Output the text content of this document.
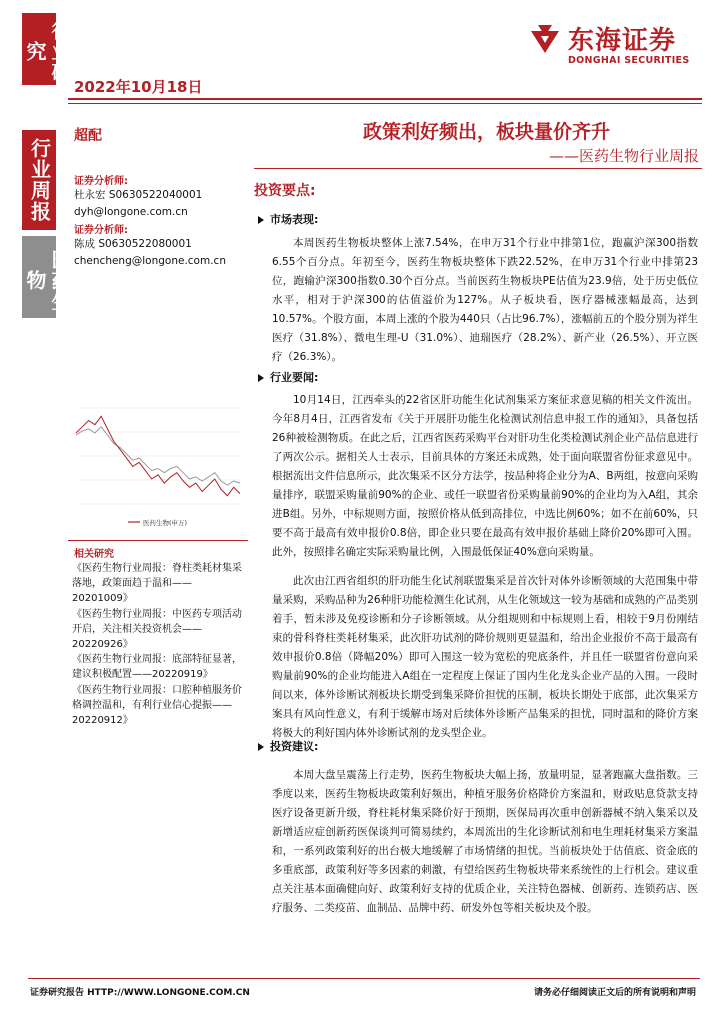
行业研究
行业周报
医药生物
东海证券
DONGHAI SECURITIES
2022年10月18日
超配	政策利好频出，板块量价齐升
——医药生物行业周报
证券分析师:
杜永宏 S0630522040001
dyh@longone.com.cn
证券分析师:
陈成 S0630522080001
chencheng@longone.com.cn
医药生物(申万)
相关研究

《医药生物行业周报：脊柱类耗材集采落地，政策面趋于温和——20201009》

《医药生物行业周报：中医药专项活动开启，关注相关投资机会——20220926》

《医药生物行业周报：底部特征显著，建议积极配置——20220919》

《医药生物行业周报：口腔种植服务价格调控温和，有利行业信心提振——20220912》

投资要点:
市场表现:
本周医药生物板块整体上涨7.54%，在申万31个行业中排第1位，跑赢沪深300指数6.55个百分点。年初至今，医药生物板块整体下跌22.52%，在申万31个行业中排第23位，跑输沪深300指数0.30个百分点。当前医药生物板块PE估值为23.9倍，处于历史低位水平，相对于沪深300的估值溢价为127%。从子板块看，医疗器械涨幅最高，达到10.57%。个股方面，本周上涨的个股为440只（占比96.7%），涨幅前五的个股分别为祥生医疗（31.8%）、微电生理-U（31.0%）、迪瑞医疗（28.2%）、新产业（26.5%）、开立医疗（26.3%）。
行业要闻:
10月14日，江西牵头的22省区肝功能生化试剂集采方案征求意见稿的相关文件流出。今年8月4日，江西省发布《关于开展肝功能生化检测试剂信息申报工作的通知》，具备包括26种被检测物质。在此之后，江西省医药采购平台对肝功生化类检测试剂企业产品信息进行了两次公示。据相关人士表示，目前具体的方案还未成熟，处于面向联盟省份征求意见中。根据流出文件信息所示，此次集采不区分方法学，按品种将企业分为A、B两组，按意向采购量排序，联盟采购量前90%的企业、或任一联盟省份采购量前90%的企业均为入A组，其余进B组。另外，中标规则方面，按照价格从低到高排位，中选比例60%；如不在前60%，只要不高于最高有效申报价0.8倍，即企业只要在最高有效申报价基础上降价20%即可入围。此外，按照排名确定实际采购量比例，入围最低保证40%意向采购量。
此次由江西省组织的肝功能生化试剂联盟集采是首次针对体外诊断领域的大范围集中带量采购，采购品种为26种肝功能检测生化试剂，从生化领域这一较为基础和成熟的产品类别着手，暂未涉及免疫诊断和分子诊断领域。从分组规则和中标规则上看，相较于9月份刚结束的骨科脊柱类耗材集采，此次肝功试剂的降价规则更显温和，给出企业报价不高于最高有效申报价0.8倍（降幅20%）即可入围这一较为宽松的兜底条件，并且任一联盟省份意向采购量前90%的企业均能进入A组在一定程度上保证了国内生化龙头企业产品的入围。一段时间以来，体外诊断试剂板块长期受到集采降价担忧的压制，板块长期处于底部，此次集采方案具有风向性意义，有利于缓解市场对后续体外诊断产品集采的担忧，同时温和的降价方案将极大的利好国内体外诊断试剂的龙头型企业。
投资建议:
本周大盘呈震荡上行走势，医药生物板块大幅上扬，放量明显，显著跑赢大盘指数。三季度以来，医药生物板块政策利好频出，种植牙服务价格降价方案温和，财政贴息贷款支持医疗设备更新升级，脊柱耗材集采降价好于预期，医保局再次重申创新器械不纳入集采以及新增适应症创新药医保谈判可简易续约，本周流出的生化诊断试剂和电生理耗材集采方案温和，一系列政策利好的出台极大地缓解了市场情绪的担忧。当前板块处于估值底、资金底的多重底部，政策利好等多因素的刺激，有望给医药生物板块带来系统性的上行机会。建议重点关注基本面确健向好、政策利好支持的优质企业，关注特色器械、创新药、连锁药店、医疗服务、二类疫苗、血制品、品牌中药、研发外包等相关板块及个股。
证券研究报告 HTTP://WWW.LONGONE.COM.CN	请务必仔细阅读正文后的所有说明和声明
